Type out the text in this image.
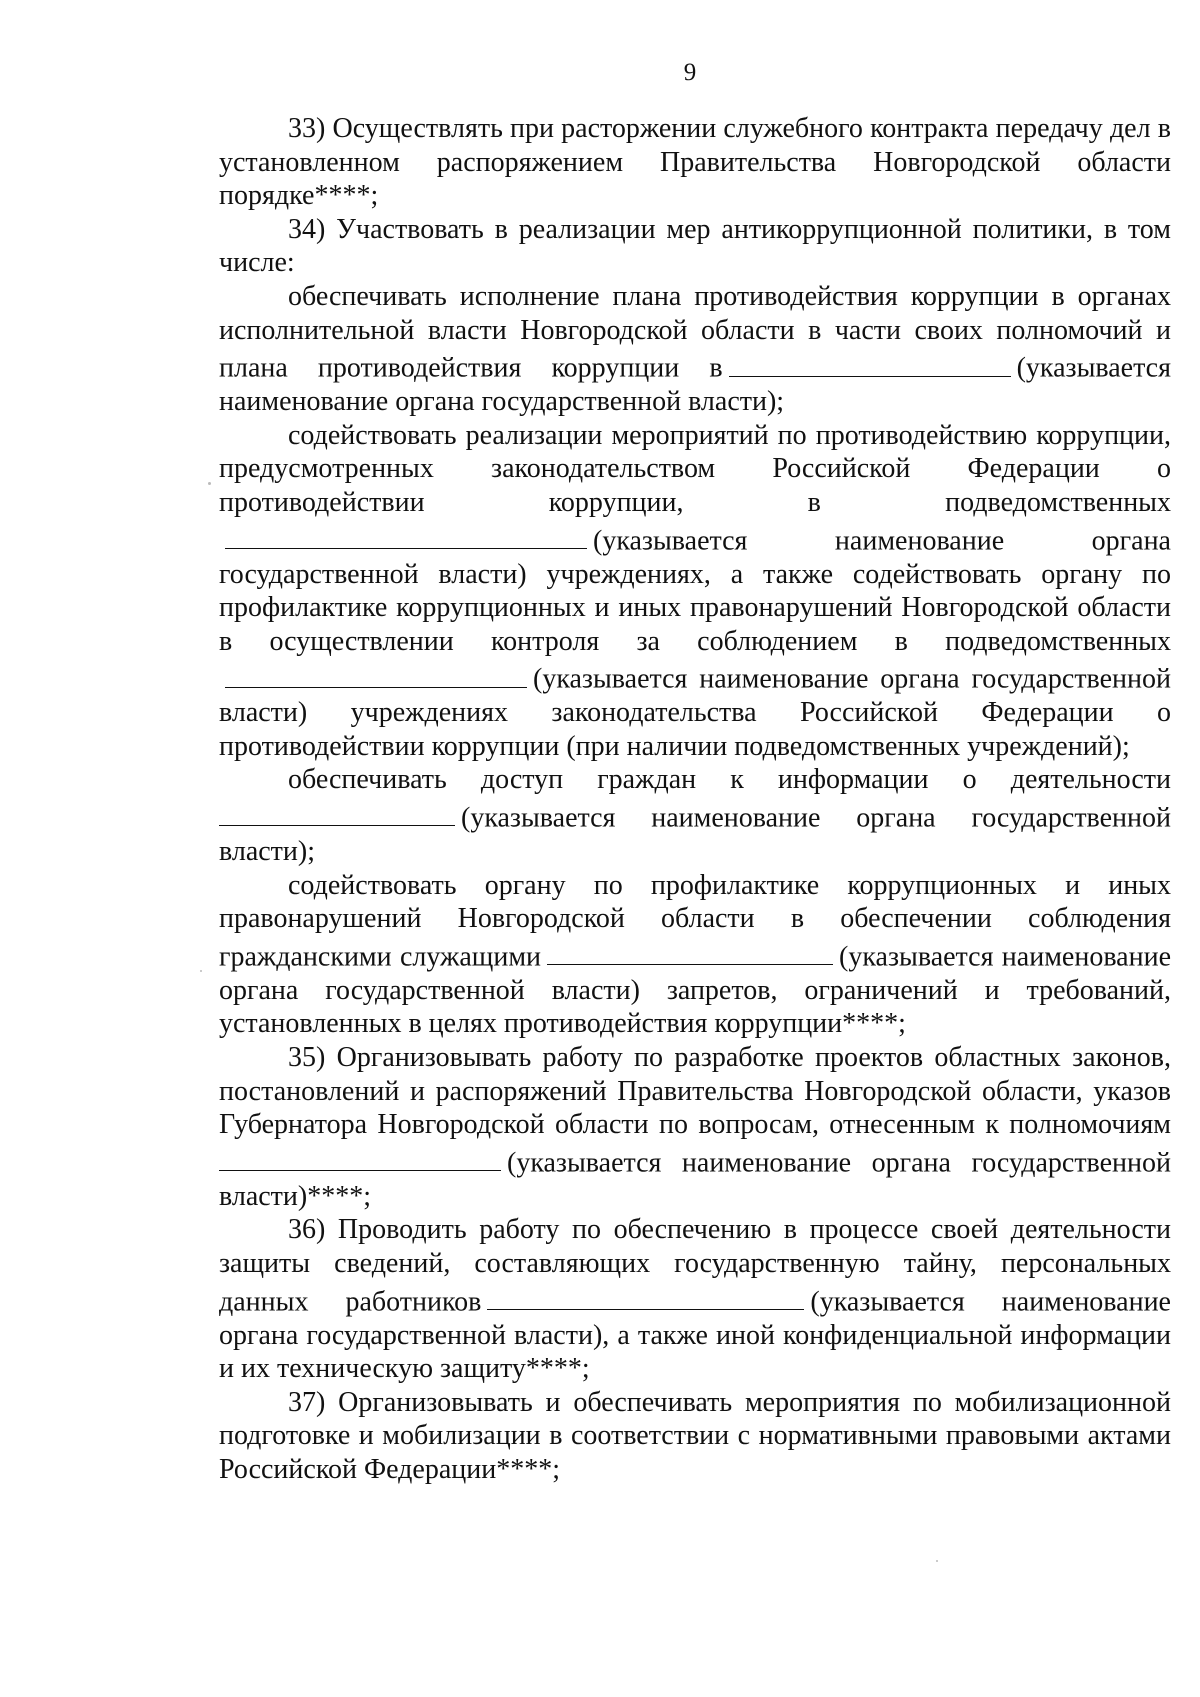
9

33) Осуществлять при расторжении служебного контракта передачу дел в установленном распоряжением Правительства Новгородской области порядке****;

34) Участвовать в реализации мер антикоррупционной политики, в том числе:

обеспечивать исполнение плана противодействия коррупции в органах исполнительной власти Новгородской области в части своих полномочий и плана противодействия коррупции в	(указывается наименование органа государственной власти);

содействовать реализации мероприятий по противодействию коррупции, предусмотренных законодательством Российской Федерации о противодействии коррупции, в подведомственных(указывается наименование органа государственной власти) учреждениях, а также содействовать органу по профилактике коррупционных и иных правонарушений Новгородской области в осуществлении контроля за соблюдением в подведомственных(указывается наименование органа государственной власти) учреждениях законодательства Российской Федерации о противодействии коррупции (при наличии подведомственных учреждений);

обеспечивать доступ граждан к информации о деятельности (указывается наименование органа государственной власти);

содействовать органу по профилактике коррупционных и иных правонарушений Новгородской области в обеспечении соблюдения гражданскими служащими	(указывается наименование органа государственной власти) запретов, ограничений и требований, установленных в целях противодействия коррупции****;

35) Организовывать работу по разработке проектов областных законов, постановлений и распоряжений Правительства Новгородской области, указов Губернатора Новгородской области по вопросам, отнесенным к полномочиям (указывается наименование органа государственной власти)****;

36) Проводить работу по обеспечению в процессе своей деятельности защиты сведений, составляющих государственную тайну, персональных данных работников	(указывается наименование органа государственной власти), а также иной конфиденциальной информации и их техническую защиту****;

37) Организовывать и обеспечивать мероприятия по мобилизационной подготовке и мобилизации в соответствии с нормативными правовыми актами Российской Федерации****;
